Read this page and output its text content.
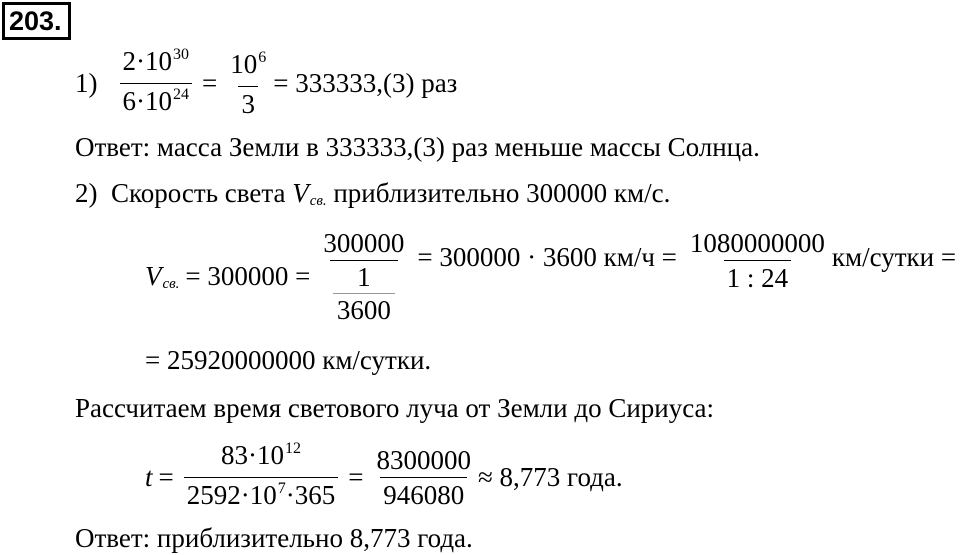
203.
$1) \frac{2\cdot 10^{30}}{6\cdot 10^{24}} = \frac{10^6}{3} = 333333,(3)$ раз
Ответ: масса Земли в 333333,(3) раз меньше массы Солнца.
2)  Скорость света V св. приблизительно 300000 км/с.
V св. = $300000 = \frac{300000}{\frac{1}{3600}} = 300000 \cdot 3600$ $км/ч = \frac{1080000000}{1 : 24}$ км/сутки =
= 25920000000 км/сутки.
Рассчитаем время светового луча от Земли до Сириуса:
$t = \frac{83\cdot 10^{12}}{2592\cdot 10^7\cdot 365} = \frac{8300000}{946080} \approx 8,773$ года.
Ответ: приблизительно 8,773 года.
